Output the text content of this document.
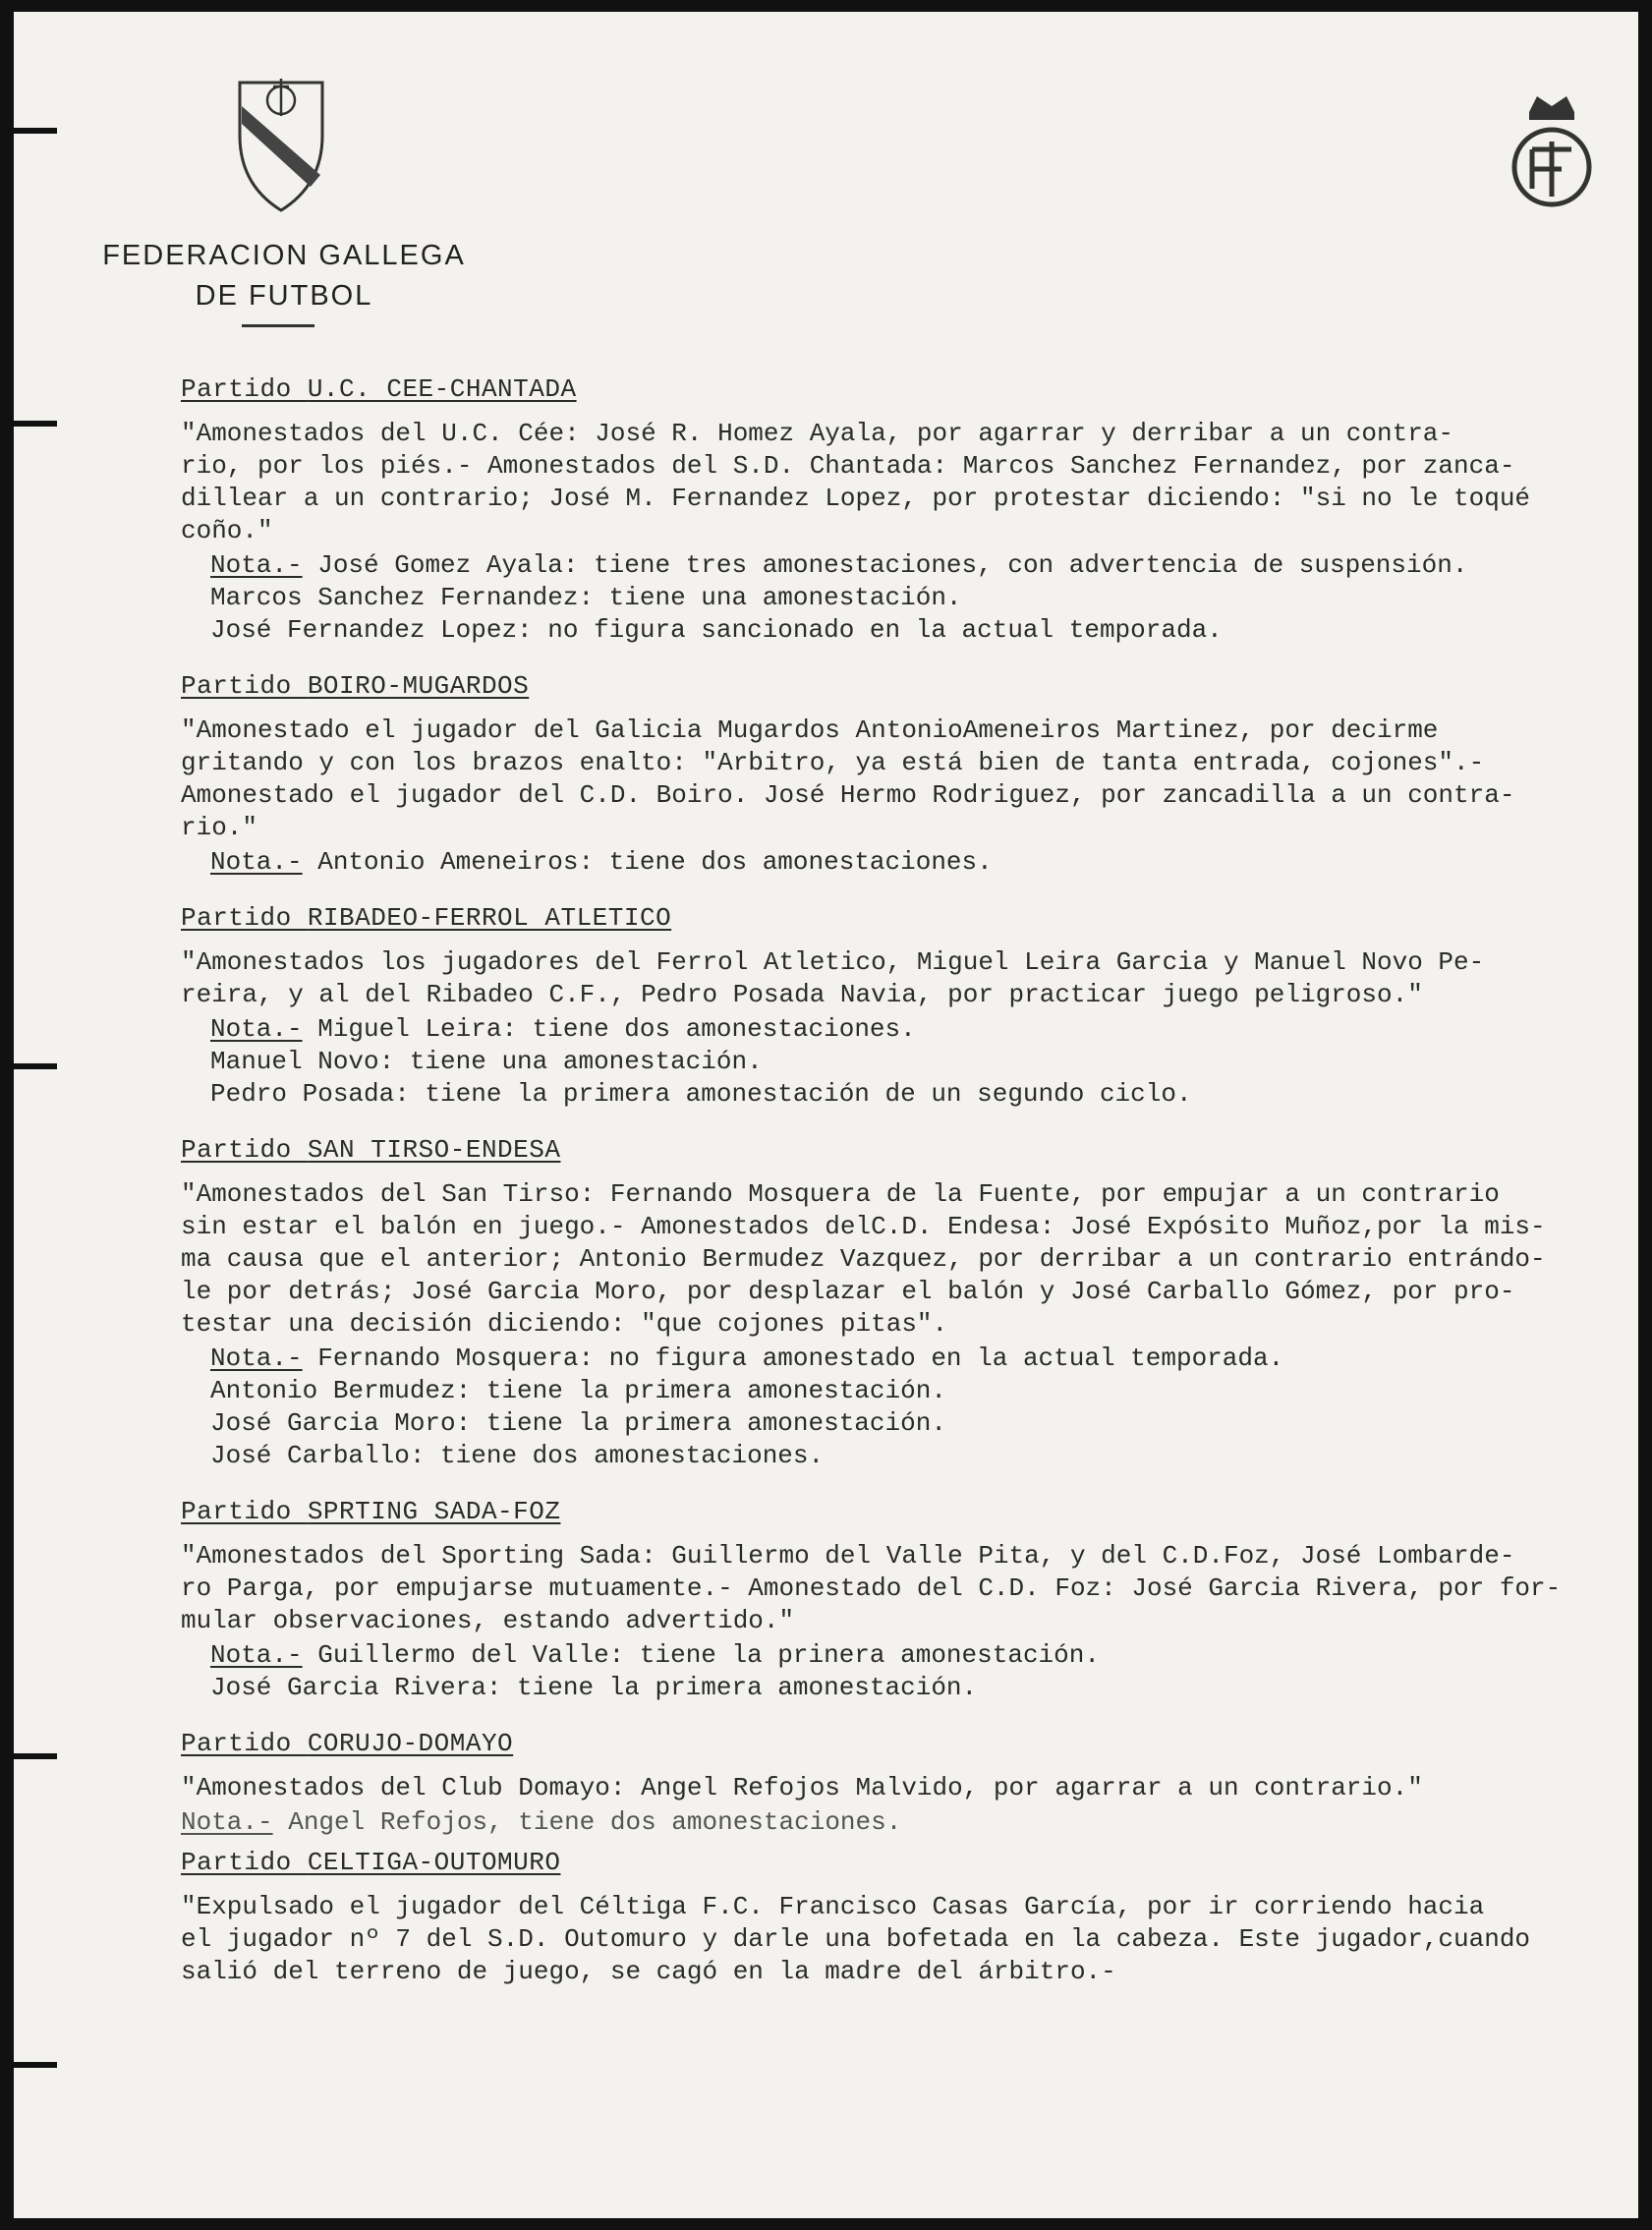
FEDERACION GALLEGA
DE FUTBOL
Partido U.C. CEE-CHANTADA
"Amonestados del U.C. Cée: José R. Homez Ayala, por agarrar y derribar a un contra-
rio, por los piés.- Amonestados del S.D. Chantada: Marcos Sanchez Fernandez, por zanca-
dillear a un contrario; José M. Fernandez Lopez, por protestar diciendo: "si no le toqué
coño."
Nota.- José Gomez Ayala: tiene tres amonestaciones, con advertencia de suspensión.
Marcos Sanchez Fernandez: tiene una amonestación.
José Fernandez Lopez: no figura sancionado en la actual temporada.
Partido BOIRO-MUGARDOS
"Amonestado el jugador del Galicia Mugardos AntonioAmeneiros Martinez, por decirme
gritando y con los brazos enalto: "Arbitro, ya está bien de tanta entrada, cojones".-
Amonestado el jugador del C.D. Boiro. José Hermo Rodriguez, por zancadilla a un contra-
rio."
Nota.- Antonio Ameneiros: tiene dos amonestaciones.
Partido RIBADEO-FERROL ATLETICO
"Amonestados los jugadores del Ferrol Atletico, Miguel Leira Garcia y Manuel Novo Pe-
reira, y al del Ribadeo C.F., Pedro Posada Navia, por practicar juego peligroso."
Nota.- Miguel Leira: tiene dos amonestaciones.
Manuel Novo: tiene una amonestación.
Pedro Posada: tiene la primera amonestación de un segundo ciclo.
Partido SAN TIRSO-ENDESA
"Amonestados del San Tirso: Fernando Mosquera de la Fuente, por empujar a un contrario
sin estar el balón en juego.- Amonestados delC.D. Endesa: José Expósito Muñoz,por la mis-
ma causa que el anterior; Antonio Bermudez Vazquez, por derribar a un contrario entrándo-
le por detrás; José Garcia Moro, por desplazar el balón y José Carballo Gómez, por pro-
testar una decisión diciendo: "que cojones pitas".
Nota.- Fernando Mosquera: no figura amonestado en la actual temporada.
Antonio Bermudez: tiene la primera amonestación.
José Garcia Moro: tiene la primera amonestación.
José Carballo: tiene dos amonestaciones.
Partido SPRTING SADA-FOZ
"Amonestados del Sporting Sada: Guillermo del Valle Pita, y del C.D.Foz, José Lombarde-
ro Parga, por empujarse mutuamente.- Amonestado del C.D. Foz: José Garcia Rivera, por for-
mular observaciones, estando advertido."
Nota.- Guillermo del Valle: tiene la prinera amonestación.
José Garcia Rivera: tiene la primera amonestación.
Partido CORUJO-DOMAYO
"Amonestados del Club Domayo: Angel Refojos Malvido, por agarrar a un contrario."
Nota.- Angel Refojos, tiene dos amonestaciones.
Partido CELTIGA-OUTOMURO
"Expulsado el jugador del Céltiga F.C. Francisco Casas García, por ir corriendo hacia
el jugador nº 7 del S.D. Outomuro y darle una bofetada en la cabeza. Este jugador,cuando
salió del terreno de juego, se cagó en la madre del árbitro.-
